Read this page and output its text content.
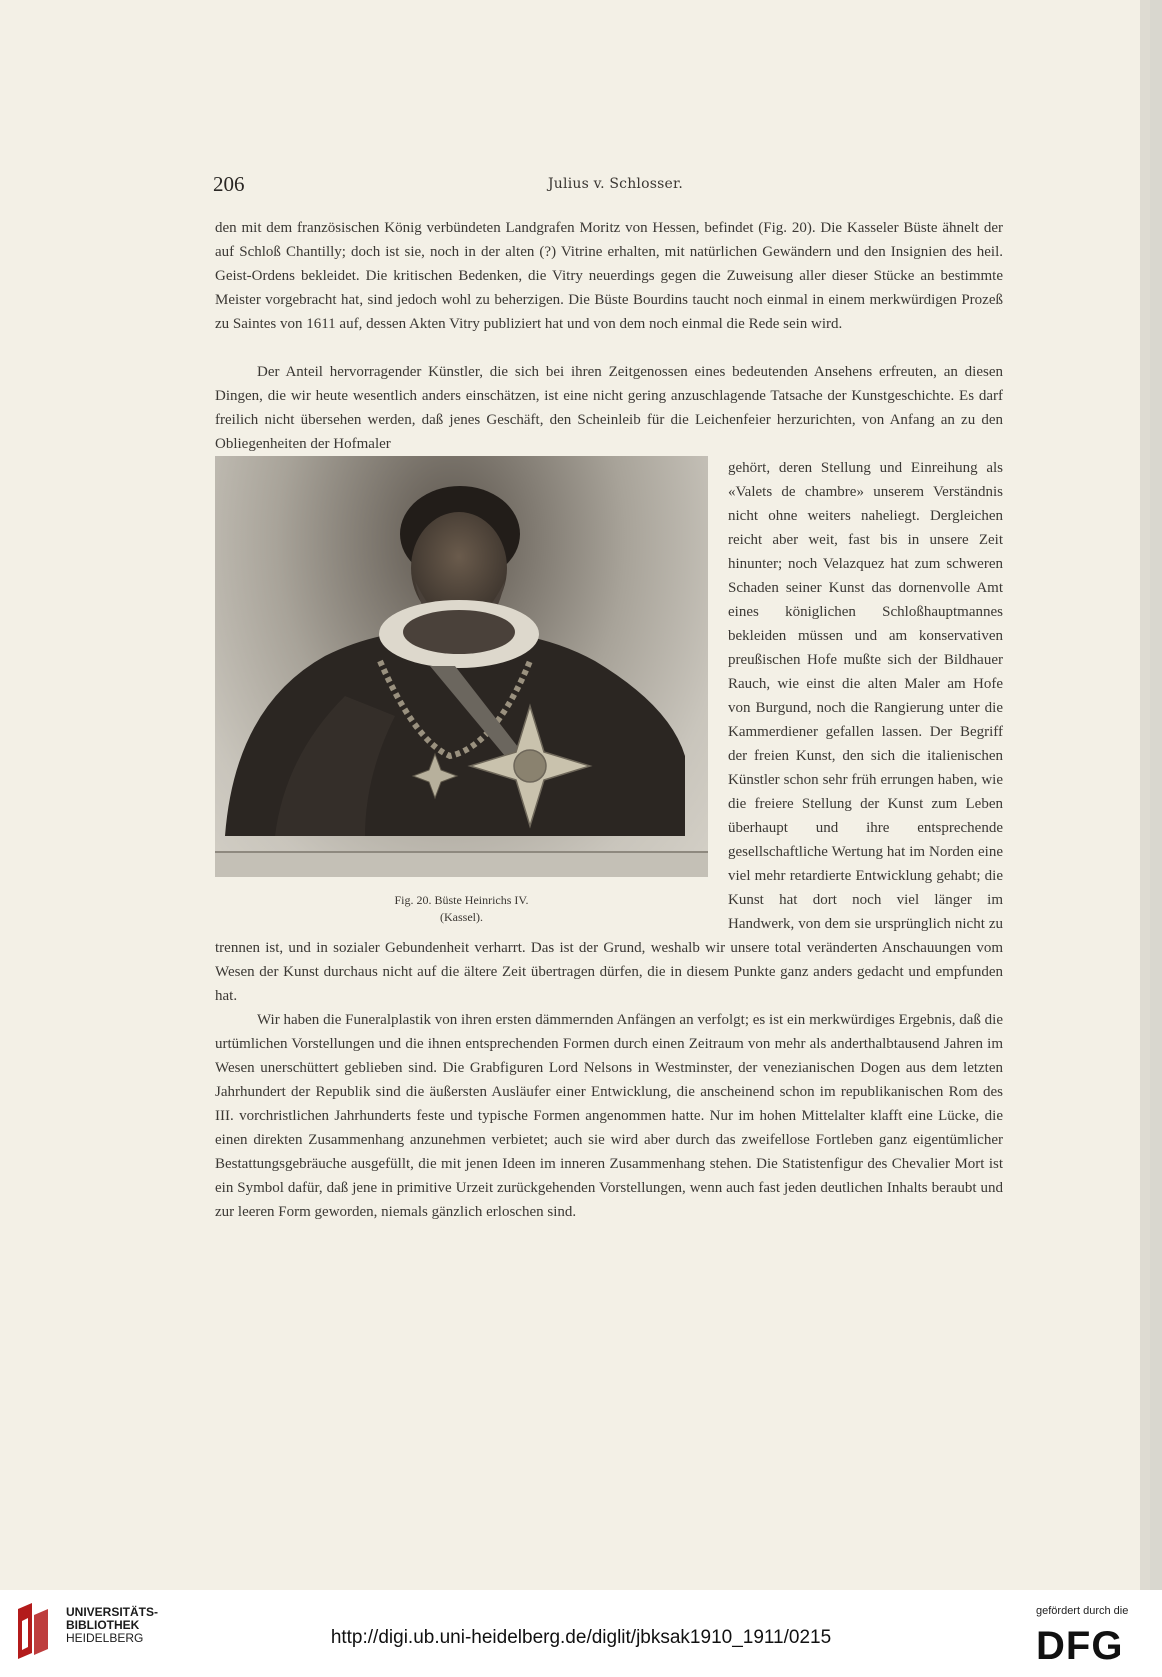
206	Julius v. Schlosser.
den mit dem französischen König verbündeten Landgrafen Moritz von Hessen, befindet (Fig. 20). Die Kasseler Büste ähnelt der auf Schloß Chantilly; doch ist sie, noch in der alten (?) Vitrine erhalten, mit natürlichen Gewändern und den Insignien des heil. Geist-Ordens bekleidet. Die kritischen Bedenken, die Vitry neuerdings gegen die Zuweisung aller dieser Stücke an bestimmte Meister vorgebracht hat, sind jedoch wohl zu beherzigen. Die Büste Bourdins taucht noch einmal in einem merkwürdigen Prozeß zu Saintes von 1611 auf, dessen Akten Vitry publiziert hat und von dem noch einmal die Rede sein wird.
Der Anteil hervorragender Künstler, die sich bei ihren Zeitgenossen eines bedeutenden Ansehens erfreuten, an diesen Dingen, die wir heute wesentlich anders einschätzen, ist eine nicht gering anzuschlagende Tatsache der Kunstgeschichte. Es darf freilich nicht übersehen werden, daß jenes Geschäft, den Scheinleib für die Leichenfeier herzurichten, von Anfang an zu den Obliegenheiten der Hofmaler
Fig. 20. Büste Heinrichs IV.
(Kassel).
gehört, deren Stellung und Einreihung als «Valets de chambre» unserem Verständnis nicht ohne weiters naheliegt. Dergleichen reicht aber weit, fast bis in unsere Zeit hinunter; noch Velazquez hat zum schweren Schaden seiner Kunst das dornenvolle Amt eines königlichen Schloßhauptmannes bekleiden müssen und am konservativen preußischen Hofe mußte sich der Bildhauer Rauch, wie einst die alten Maler am Hofe von Burgund, noch die Rangierung unter die Kammerdiener gefallen lassen. Der Begriff der freien Kunst, den sich die italienischen Künstler schon sehr früh errungen haben, wie die freiere Stellung der Kunst zum Leben überhaupt und ihre entsprechende gesellschaftliche Wertung hat im Norden eine viel mehr retardierte Entwicklung gehabt; die Kunst hat dort noch viel länger im Handwerk, von dem sie ursprünglich nicht zu trennen ist, und in sozialer Gebundenheit verharrt. Das ist der Grund, weshalb wir unsere total veränderten Anschauungen vom Wesen der Kunst durchaus nicht auf die ältere Zeit übertragen dürfen, die in diesem Punkte ganz anders gedacht und empfunden hat.
Wir haben die Funeralplastik von ihren ersten dämmernden Anfängen an verfolgt; es ist ein merkwürdiges Ergebnis, daß die urtümlichen Vorstellungen und die ihnen entsprechenden Formen durch einen Zeitraum von mehr als anderthalbtausend Jahren im Wesen unerschüttert geblieben sind. Die Grabfiguren Lord Nelsons in Westminster, der venezianischen Dogen aus dem letzten Jahrhundert der Republik sind die äußersten Ausläufer einer Entwicklung, die anscheinend schon im republikanischen Rom des III. vorchristlichen Jahrhunderts feste und typische Formen angenommen hatte. Nur im hohen Mittelalter klafft eine Lücke, die einen direkten Zusammenhang anzunehmen verbietet; auch sie wird aber durch das zweifellose Fortleben ganz eigentümlicher Bestattungsgebräuche ausgefüllt, die mit jenen Ideen im inneren Zusammenhang stehen. Die Statistenfigur des Chevalier Mort ist ein Symbol dafür, daß jene in primitive Urzeit zurückgehenden Vorstellungen, wenn auch fast jeden deutlichen Inhalts beraubt und zur leeren Form geworden, niemals gänzlich erloschen sind.
UNIVERSITÄTS-
BIBLIOTHEK
HEIDELBERG	http://digi.ub.uni-heidelberg.de/diglit/jbksak1910_1911/0215
gefördert durch die
DFG
